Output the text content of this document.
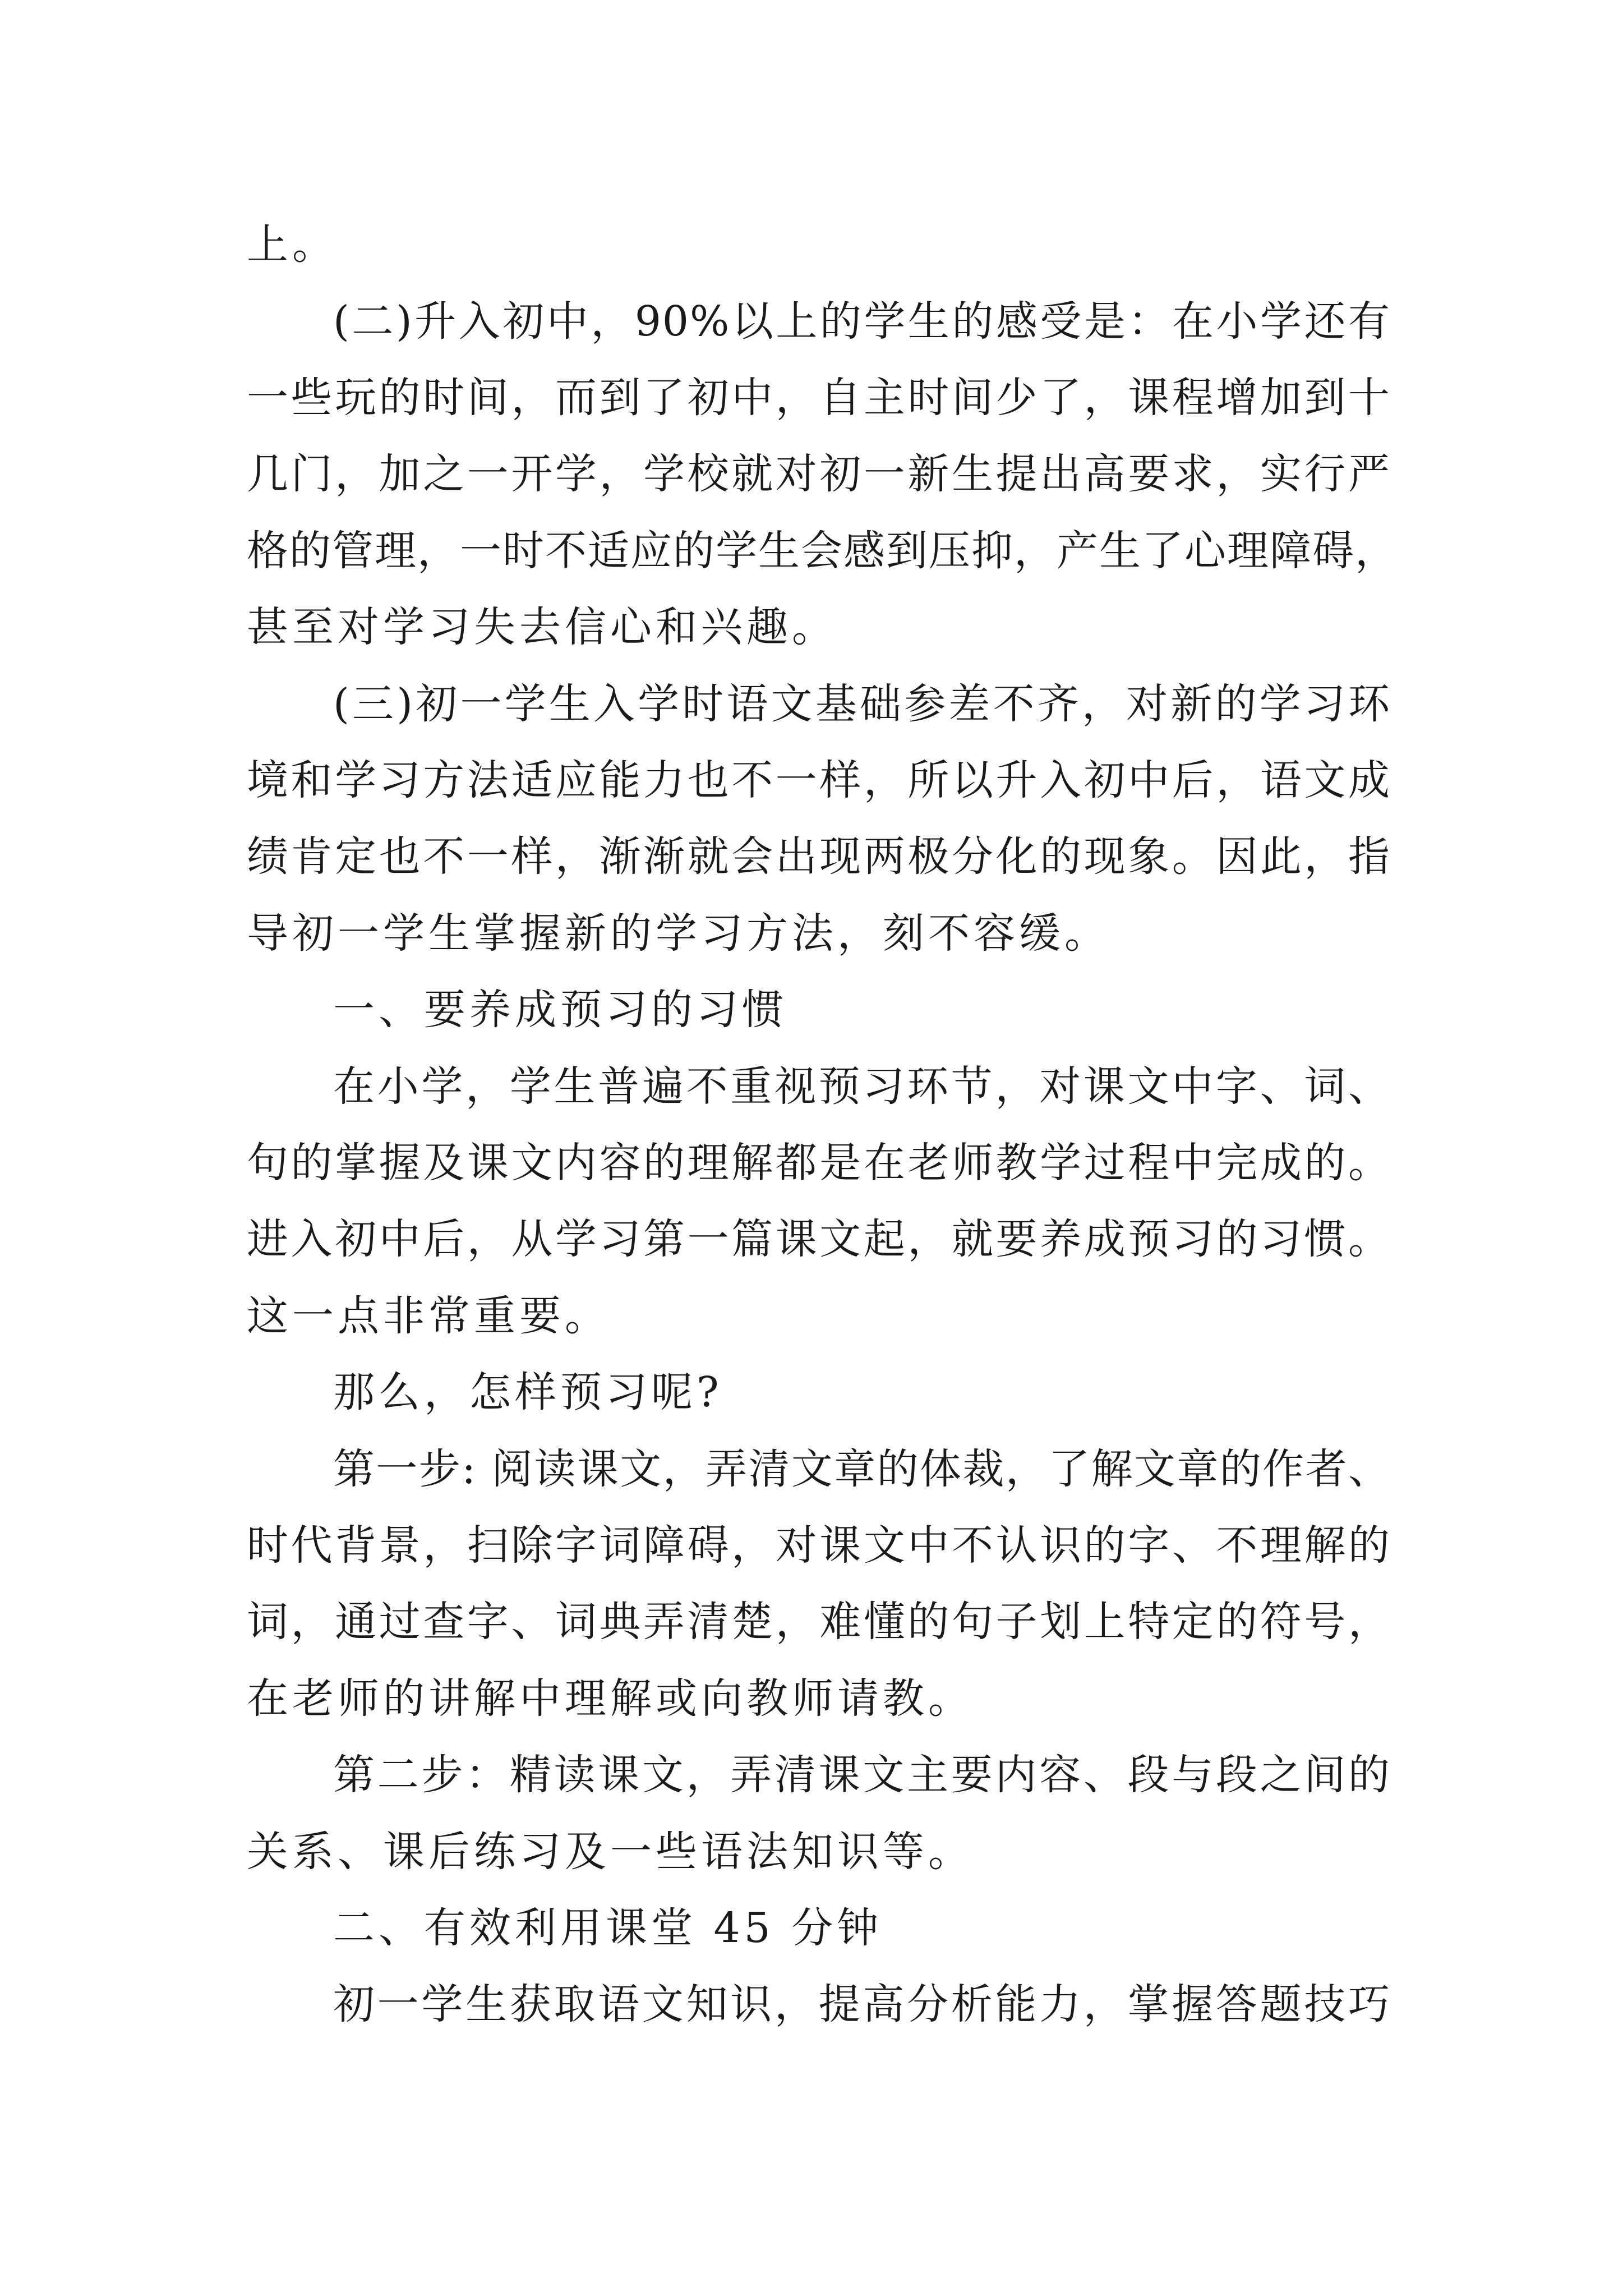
上。
(二)升入初中，90%以上的学生的感受是：在小学还有
一些玩的时间，而到了初中，自主时间少了，课程增加到十
几门，加之一开学，学校就对初一新生提出高要求，实行严
格的管理，一时不适应的学生会感到压抑，产生了心理障碍，
甚至对学习失去信心和兴趣。
(三)初一学生入学时语文基础参差不齐，对新的学习环
境和学习方法适应能力也不一样，所以升入初中后，语文成
绩肯定也不一样，渐渐就会出现两极分化的现象。因此，指
导初一学生掌握新的学习方法，刻不容缓。
一、要养成预习的习惯
在小学，学生普遍不重视预习环节，对课文中字、词、
句的掌握及课文内容的理解都是在老师教学过程中完成的。
进入初中后，从学习第一篇课文起，就要养成预习的习惯。
这一点非常重要。
那么，怎样预习呢?
第一步: 阅读课文，弄清文章的体裁，了解文章的作者、
时代背景，扫除字词障碍，对课文中不认识的字、不理解的
词，通过查字、词典弄清楚，难懂的句子划上特定的符号，
在老师的讲解中理解或向教师请教。
第二步：精读课文，弄清课文主要内容、段与段之间的
关系、课后练习及一些语法知识等。
二、有效利用课堂 45 分钟
初一学生获取语文知识，提高分析能力，掌握答题技巧
